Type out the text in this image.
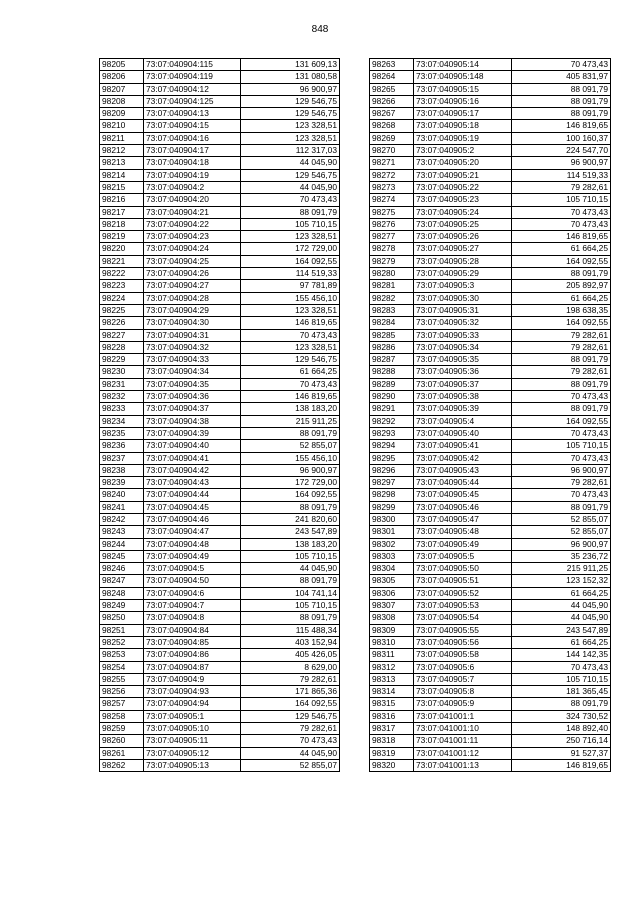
848
98205	73:07:040904:115	131 609,13
98206	73:07:040904:119	131 080,58
98207	73:07:040904:12	96 900,97
98208	73:07:040904:125	129 546,75
98209	73:07:040904:13	129 546,75
98210	73:07:040904:15	123 328,51
98211	73:07:040904:16	123 328,51
98212	73:07:040904:17	112 317,03
98213	73:07:040904:18	44 045,90
98214	73:07:040904:19	129 546,75
98215	73:07:040904:2	44 045,90
98216	73:07:040904:20	70 473,43
98217	73:07:040904:21	88 091,79
98218	73:07:040904:22	105 710,15
98219	73:07:040904:23	123 328,51
98220	73:07:040904:24	172 729,00
98221	73:07:040904:25	164 092,55
98222	73:07:040904:26	114 519,33
98223	73:07:040904:27	97 781,89
98224	73:07:040904:28	155 456,10
98225	73:07:040904:29	123 328,51
98226	73:07:040904:30	146 819,65
98227	73:07:040904:31	70 473,43
98228	73:07:040904:32	123 328,51
98229	73:07:040904:33	129 546,75
98230	73:07:040904:34	61 664,25
98231	73:07:040904:35	70 473,43
98232	73:07:040904:36	146 819,65
98233	73:07:040904:37	138 183,20
98234	73:07:040904:38	215 911,25
98235	73:07:040904:39	88 091,79
98236	73:07:040904:40	52 855,07
98237	73:07:040904:41	155 456,10
98238	73:07:040904:42	96 900,97
98239	73:07:040904:43	172 729,00
98240	73:07:040904:44	164 092,55
98241	73:07:040904:45	88 091,79
98242	73:07:040904:46	241 820,60
98243	73:07:040904:47	243 547,89
98244	73:07:040904:48	138 183,20
98245	73:07:040904:49	105 710,15
98246	73:07:040904:5	44 045,90
98247	73:07:040904:50	88 091,79
98248	73:07:040904:6	104 741,14
98249	73:07:040904:7	105 710,15
98250	73:07:040904:8	88 091,79
98251	73:07:040904:84	115 488,34
98252	73:07:040904:85	403 152,94
98253	73:07:040904:86	405 426,05
98254	73:07:040904:87	8 629,00
98255	73:07:040904:9	79 282,61
98256	73:07:040904:93	171 865,36
98257	73:07:040904:94	164 092,55
98258	73:07:040905:1	129 546,75
98259	73:07:040905:10	79 282,61
98260	73:07:040905:11	70 473,43
98261	73:07:040905:12	44 045,90
98262	73:07:040905:13	52 855,07
98263	73:07:040905:14	70 473,43
98264	73:07:040905:148	405 831,97
98265	73:07:040905:15	88 091,79
98266	73:07:040905:16	88 091,79
98267	73:07:040905:17	88 091,79
98268	73:07:040905:18	146 819,65
98269	73:07:040905:19	100 160,37
98270	73:07:040905:2	224 547,70
98271	73:07:040905:20	96 900,97
98272	73:07:040905:21	114 519,33
98273	73:07:040905:22	79 282,61
98274	73:07:040905:23	105 710,15
98275	73:07:040905:24	70 473,43
98276	73:07:040905:25	70 473,43
98277	73:07:040905:26	146 819,65
98278	73:07:040905:27	61 664,25
98279	73:07:040905:28	164 092,55
98280	73:07:040905:29	88 091,79
98281	73:07:040905:3	205 892,97
98282	73:07:040905:30	61 664,25
98283	73:07:040905:31	198 638,35
98284	73:07:040905:32	164 092,55
98285	73:07:040905:33	79 282,61
98286	73:07:040905:34	79 282,61
98287	73:07:040905:35	88 091,79
98288	73:07:040905:36	79 282,61
98289	73:07:040905:37	88 091,79
98290	73:07:040905:38	70 473,43
98291	73:07:040905:39	88 091,79
98292	73:07:040905:4	164 092,55
98293	73:07:040905:40	70 473,43
98294	73:07:040905:41	105 710,15
98295	73:07:040905:42	70 473,43
98296	73:07:040905:43	96 900,97
98297	73:07:040905:44	79 282,61
98298	73:07:040905:45	70 473,43
98299	73:07:040905:46	88 091,79
98300	73:07:040905:47	52 855,07
98301	73:07:040905:48	52 855,07
98302	73:07:040905:49	96 900,97
98303	73:07:040905:5	35 236,72
98304	73:07:040905:50	215 911,25
98305	73:07:040905:51	123 152,32
98306	73:07:040905:52	61 664,25
98307	73:07:040905:53	44 045,90
98308	73:07:040905:54	44 045,90
98309	73:07:040905:55	243 547,89
98310	73:07:040905:56	61 664,25
98311	73:07:040905:58	144 142,35
98312	73:07:040905:6	70 473,43
98313	73:07:040905:7	105 710,15
98314	73:07:040905:8	181 365,45
98315	73:07:040905:9	88 091,79
98316	73:07:041001:1	324 730,52
98317	73:07:041001:10	148 892,40
98318	73:07:041001:11	250 716,14
98319	73:07:041001:12	91 527,37
98320	73:07:041001:13	146 819,65
